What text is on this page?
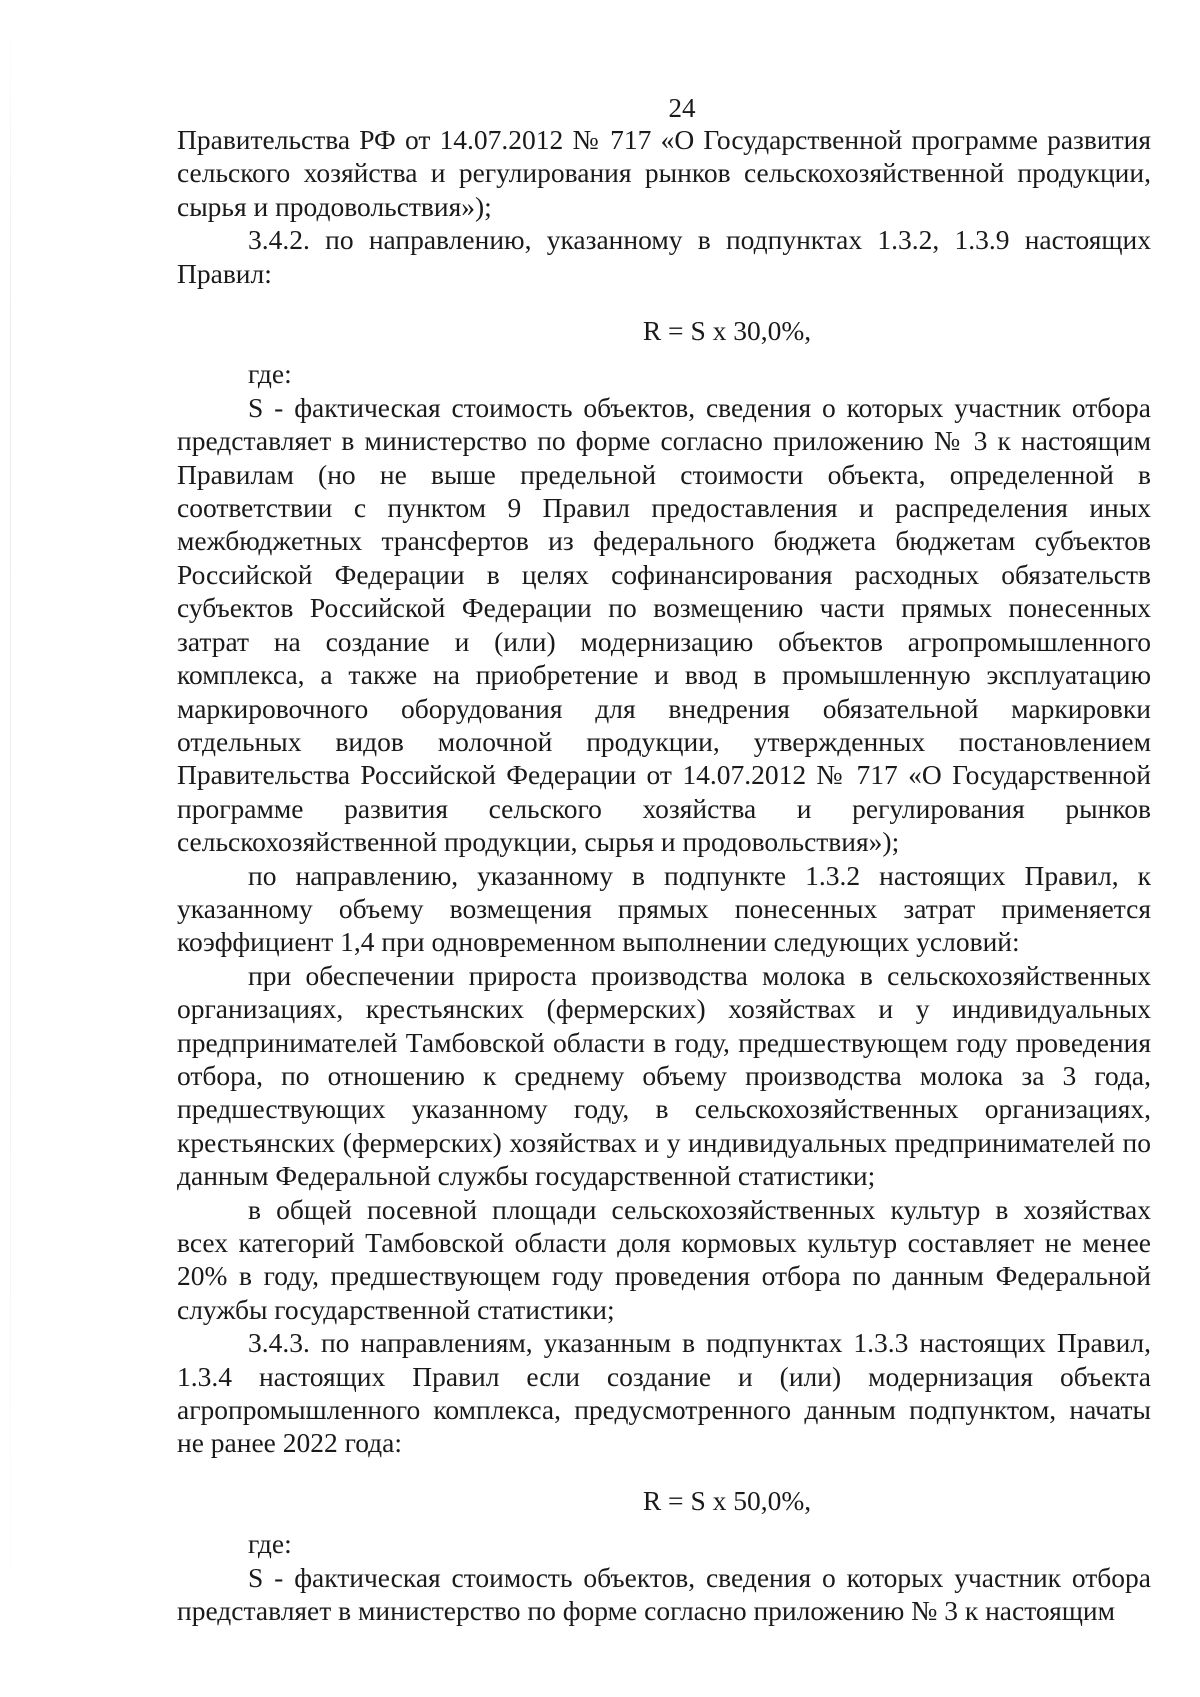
24

Правительства РФ от 14.07.2012 № 717 «О Государственной программе развития сельского хозяйства и регулирования рынков сельскохозяйственной продукции, сырья и продовольствия»);

3.4.2. по направлению, указанному в подпунктах 1.3.2, 1.3.9 настоящих Правил:

R = S x 30,0%,

где:

S - фактическая стоимость объектов, сведения о которых участник отбора представляет в министерство по форме согласно приложению № 3 к настоящим Правилам (но не выше предельной стоимости объекта, определенной в соответствии с пунктом 9 Правил предоставления и распределения иных межбюджетных трансфертов из федерального бюджета бюджетам субъектов Российской Федерации в целях софинансирования расходных обязательств субъектов Российской Федерации по возмещению части прямых понесенных затрат на создание и (или) модернизацию объектов агропромышленного комплекса, а также на приобретение и ввод в промышленную эксплуатацию маркировочного оборудования для внедрения обязательной маркировки отдельных видов молочной продукции, утвержденных постановлением Правительства Российской Федерации от 14.07.2012 № 717 «О Государственной программе развития сельского хозяйства и регулирования рынков сельскохозяйственной продукции, сырья и продовольствия»);

по направлению, указанному в подпункте 1.3.2 настоящих Правил, к указанному объему возмещения прямых понесенных затрат применяется коэффициент 1,4 при одновременном выполнении следующих условий:

при обеспечении прироста производства молока в сельскохозяйственных организациях, крестьянских (фермерских) хозяйствах и у индивидуальных предпринимателей Тамбовской области в году, предшествующем году проведения отбора, по отношению к среднему объему производства молока за 3 года, предшествующих указанному году, в сельскохозяйственных организациях, крестьянских (фермерских) хозяйствах и у индивидуальных предпринимателей по данным Федеральной службы государственной статистики;

в общей посевной площади сельскохозяйственных культур в хозяйствах всех категорий Тамбовской области доля кормовых культур составляет не менее 20% в году, предшествующем году проведения отбора по данным Федеральной службы государственной статистики;

3.4.3. по направлениям, указанным в подпунктах 1.3.3 настоящих Правил, 1.3.4 настоящих Правил если создание и (или) модернизация объекта агропромышленного комплекса, предусмотренного данным подпунктом, начаты не ранее 2022 года:

R = S x 50,0%,

где:

S - фактическая стоимость объектов, сведения о которых участник отбора представляет в министерство по форме согласно приложению № 3 к настоящим
